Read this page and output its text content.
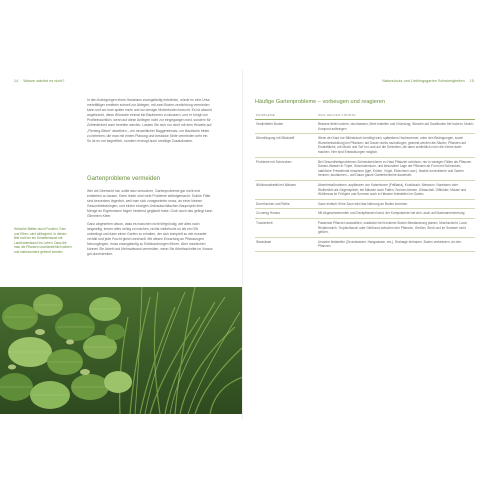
14 Warum wächst es nicht?

In den Aufregungen eines Hausbaus zwangsläufig entstehen, würde es eine Ursa-mehrfältiger ermitteln schnell zur Ablegen, mit zwei Boden-verdichtung vermieden kann und wo man später mehr und wo weniger Mutterboden braucht. Es ist absolut angebracht, diese Wünsche einmal bei Bauformen zu äussern, und er bringt von Profiteinsichtlich, wenn auf diese Anliegen nicht zur eingegangen wird, sondern für Zufriedenheit auch bereiten werden. Lassen Sie sich nur nicht mit dem Hinweis auf „Fleming-Beton“ abweisen – ein neuzeitlicher Baggereinsatz, um Bautische hinter zu beheben, die man mit einem Planung und bestücke Strite vermieden sehr ein. So ist es nur begreiflich, sondern erzeugt auch unnötige Zusatzkosten.

Gartenprobleme vermeiden

Wer die Übersicht hat, sollte also versuchen, Gartenprobleme gar nicht erst entstehen zu lassen. Denn leider sind viele Probleme selbstgemacht. Solche Fälle sind besonders ärgerlich, weil man sich zumgewieder muss, an einer kleinen Gesundheitsbringen, und einem einzigen Unkrautschläschen Bauprojekt eine Menge an Ergebnissen folgen hindernd geglaubt habe. Doch auch das gelingt kann Glimmern Kleer.

Ganz abgesehen davon, dass es manchen nicht tiefgründig, wie alles nach langweilig, immer alles richtig zu machen, nichts vielbeholzt so als ein Gift unbedingt und dann einen Garten zu erhalten, der sich komplett so wie erwartet verhält und jede Frucht gleich wechselt. Mit diesen Erwartung an Pflanzungen Neuzugängen, muss zwangsläufig zu Enttäuschungen führen. Aber inzwischen können Sie Arbeit und Mehraufwand vermeiden, wenn Sie Arbeitsschritte im Voraus gut durchdenken.

Hübsche Blätter durch Funkien, Farn und Eiben, sind tollbegehrt. In diesen Bild hat hier ein Schattenstand mit Laubbodenstand ins Leben. Dass die man die Pflanzen unwiderstehlich wirken und insbesondere geformt werden.

Naturschutz und Lieblingsgarten Schwierigkeiten 15
Häufige Gartenprobleme – vorbeugen und reagieren
PROBLEME	WAS HELFEN KÖNNTE
Verdichteter Boden	Bessere tiefer lockern, durchlassen, Beet erstellen und Gründung, Wurzeln auf Sandboden tief lockern, Mulch; Kompost aufbringen
Überdüngung mit Stickstoff	Wenn der Kauf nur Blühstrauch benötigt wird, spätestens Hochsommer, unter den Bedingungen, sowie Wurzelentwicklung bei Pflanzen; auf Dauer nichts nachdüngen, gesenkt werden als Säulen. Pflanzen auf Ersatzfläche, mit Mulch und Torf im Laub auf die Schichten, die dann schließlich noch die Keime darin machen. Hier sind Entwicklungen möglich.
Probleme mit Schnecken	Bei Gesundheitsproblemen Schneckenkörner zu Haut Pflanzen schützen; nur in wenigen Fällen als Pflanzen Samen-Wasser in Töpfe, Schneckenkorn, und besondere Lage der Pflanzen ab Form mit Schnecken, natürliche Fressfeinde einsetzen (Igel, Kröten, Vögel, Eidechsen usw.). Nachts kontrollieren und Garten trennen; ausräumen – auf Dauer ganze Gartenbereiche dauerhaft.
Wühlmausbefall mit Mäusen	Abwehrmaßnahmen, anpflanzen von Kaiserkrone (Fritillaria), Knoblauch, Nieswurz, Narzissen oder Wolfsmilch als Gegenspieler, bei Mäusen auch Fallen, Sonnen-lärmen, Ultraschall, Giftköder; Mäuse und Wühlmaus im Frühjahr und Sommer auch in Häusern feststellen im Garten.
Dornröschen und Reihe	Ganz einfach Ohne Zaun wird das Nahrung an Boden kommen.
Zu wenig Humus	Mit Abgeschwemmten und Deckpflanzen hand, der Komposterde hat sich, auch auf Bodenanreicherung.
Trockenheit	Passende Pflanzen auswählen, zusätzlich bei trockener Boden Bewässerung planen, Mulchschicht, Laub, Rindenmulch, Tropfschlauch oder Gießrand zwischen den Pflanzen, Gießen, Stroh und im Sommer nicht gießen.
Staunässe	Ursache feststellen (Grundwasser, Hangwasser, etc.), Drainage einbauen, Boden verbessern, an den Pflanzen.
